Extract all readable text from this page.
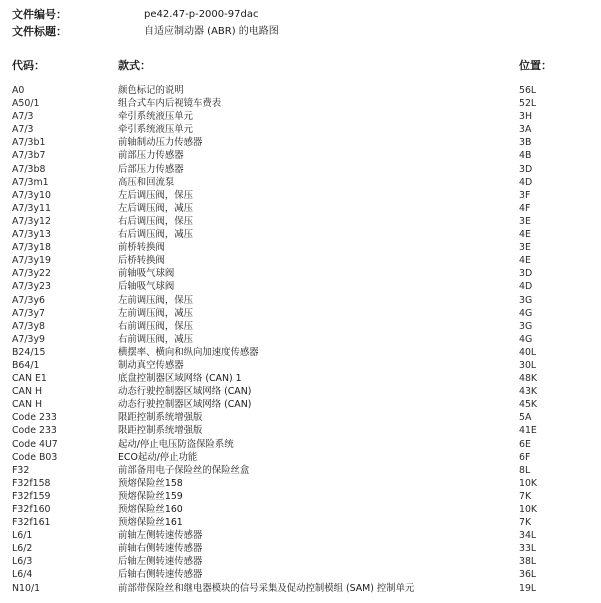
文件编号：	pe42.47-p-2000-97dac
文件标题：	自适应制动器 (ABR) 的电路图
代码：	款式：	位置：
A0	颜色标记的说明	56L
A50/1	组合式车内后视镜车费表	52L
A7/3	牵引系统液压单元	3H
A7/3	牵引系统液压单元	3A
A7/3b1	前轴制动压力传感器	3B
A7/3b7	前部压力传感器	4B
A7/3b8	后部压力传感器	3D
A7/3m1	高压和回流泵	4D
A7/3y10	左后调压阀，保压	3F
A7/3y11	左后调压阀，减压	4F
A7/3y12	右后调压阀，保压	3E
A7/3y13	右后调压阀，减压	4E
A7/3y18	前桥转换阀	3E
A7/3y19	后桥转换阀	4E
A7/3y22	前轴吸气球阀	3D
A7/3y23	后轴吸气球阀	4D
A7/3y6	左前调压阀，保压	3G
A7/3y7	左前调压阀，减压	4G
A7/3y8	右前调压阀，保压	3G
A7/3y9	右前调压阀，减压	4G
B24/15	横摆率、横向和纵向加速度传感器	40L
B64/1	制动真空传感器	30L
CAN E1	底盘控制器区域网络 (CAN) 1	48K
CAN H	动态行驶控制器区域网络 (CAN)	43K
CAN H	动态行驶控制器区域网络 (CAN)	45K
Code 233	限距控制系统增强版	5A
Code 233	限距控制系统增强版	41E
Code 4U7	起动/停止电压防盗保险系统	6E
Code B03	ECO起动/停止功能	6F
F32	前部备用电子保险丝的保险丝盒	8L
F32f158	预熔保险丝158	10K
F32f159	预熔保险丝159	7K
F32f160	预熔保险丝160	10K
F32f161	预熔保险丝161	7K
L6/1	前轴左侧转速传感器	34L
L6/2	前轴右侧转速传感器	33L
L6/3	后轴左侧转速传感器	38L
L6/4	后轴右侧转速传感器	36L
N10/1	前部带保险丝和继电器模块的信号采集及促动控制模组 (SAM) 控制单元	19L
